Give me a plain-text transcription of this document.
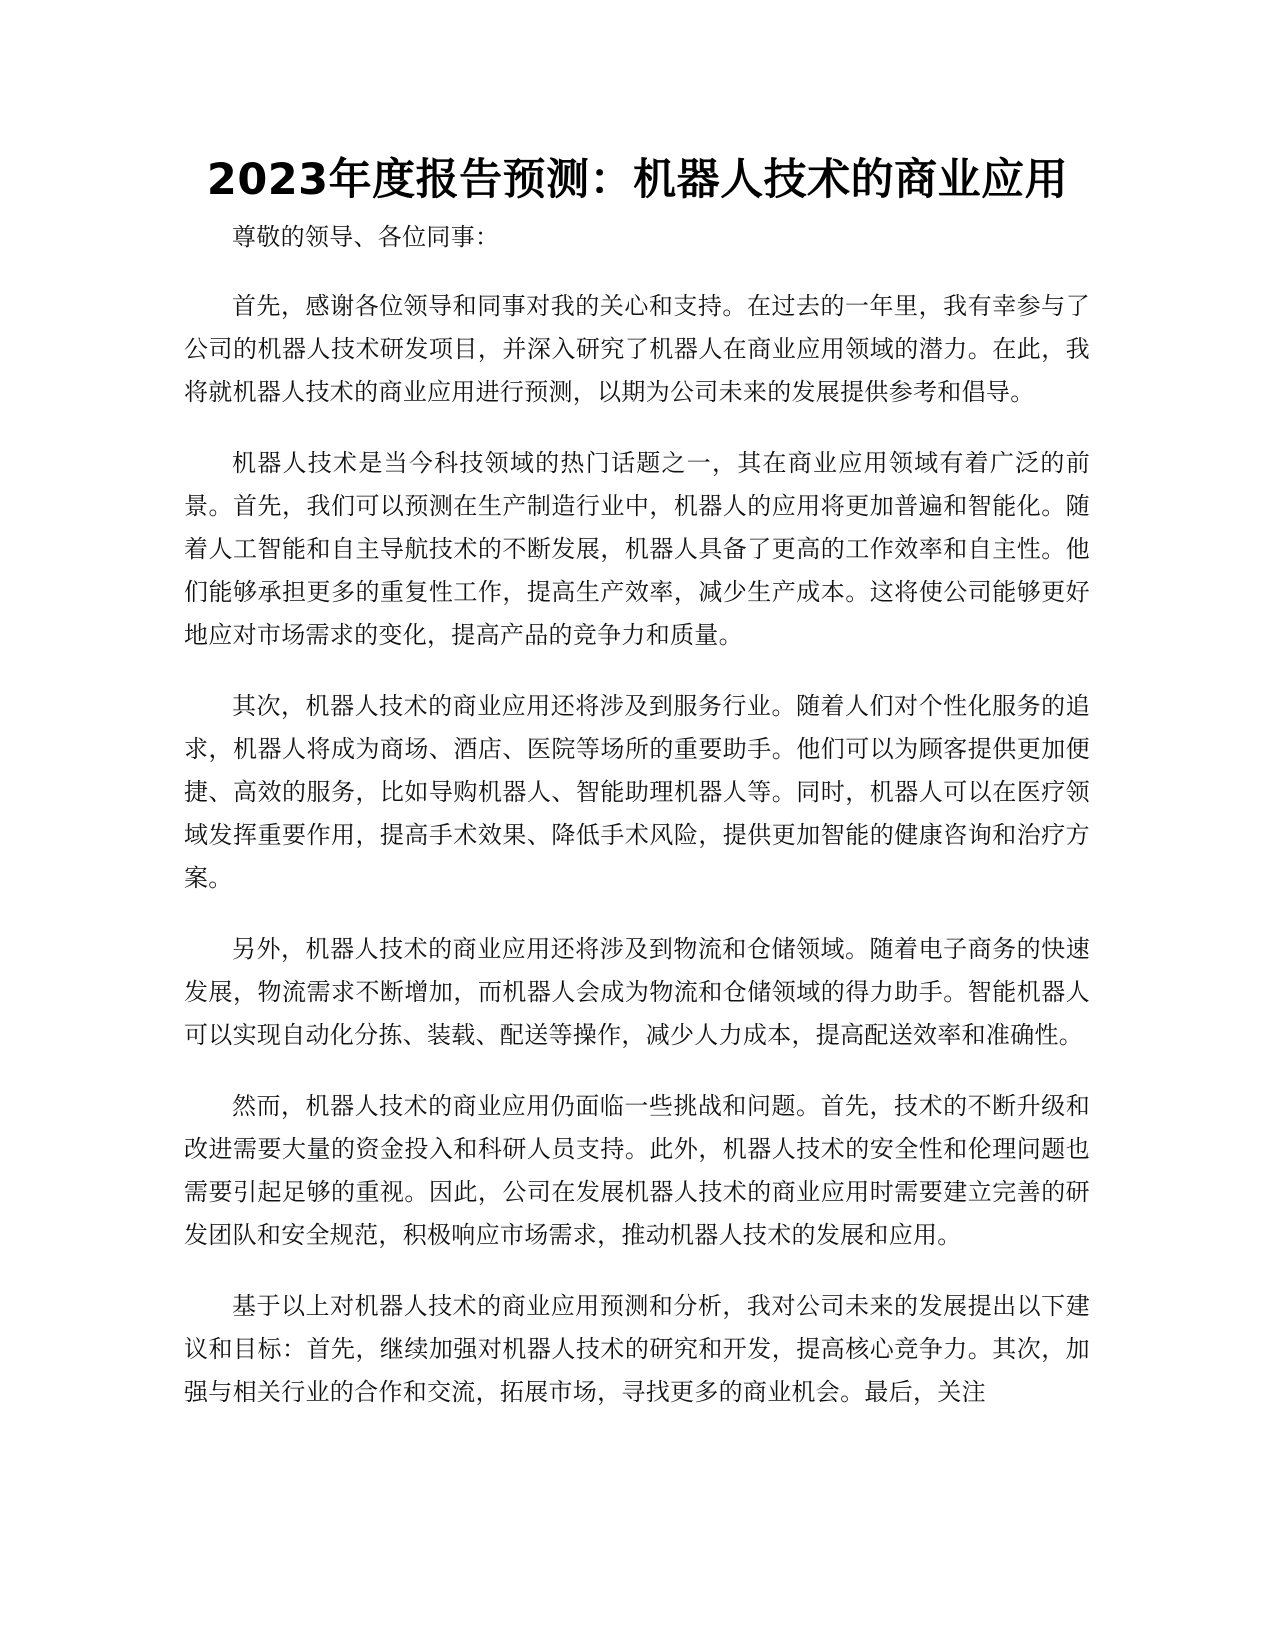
2023年度报告预测：机器人技术的商业应用

尊敬的领导、各位同事：

首先，感谢各位领导和同事对我的关心和支持。在过去的一年里，我有幸参与了公司的机器人技术研发项目，并深入研究了机器人在商业应用领域的潜力。在此，我将就机器人技术的商业应用进行预测，以期为公司未来的发展提供参考和倡导。

机器人技术是当今科技领域的热门话题之一，其在商业应用领域有着广泛的前景。首先，我们可以预测在生产制造行业中，机器人的应用将更加普遍和智能化。随着人工智能和自主导航技术的不断发展，机器人具备了更高的工作效率和自主性。他们能够承担更多的重复性工作，提高生产效率，减少生产成本。这将使公司能够更好地应对市场需求的变化，提高产品的竞争力和质量。

其次，机器人技术的商业应用还将涉及到服务行业。随着人们对个性化服务的追求，机器人将成为商场、酒店、医院等场所的重要助手。他们可以为顾客提供更加便捷、高效的服务，比如导购机器人、智能助理机器人等。同时，机器人可以在医疗领域发挥重要作用，提高手术效果、降低手术风险，提供更加智能的健康咨询和治疗方案。

另外，机器人技术的商业应用还将涉及到物流和仓储领域。随着电子商务的快速发展，物流需求不断增加，而机器人会成为物流和仓储领域的得力助手。智能机器人可以实现自动化分拣、装载、配送等操作，减少人力成本，提高配送效率和准确性。

然而，机器人技术的商业应用仍面临一些挑战和问题。首先，技术的不断升级和改进需要大量的资金投入和科研人员支持。此外，机器人技术的安全性和伦理问题也需要引起足够的重视。因此，公司在发展机器人技术的商业应用时需要建立完善的研发团队和安全规范，积极响应市场需求，推动机器人技术的发展和应用。

基于以上对机器人技术的商业应用预测和分析，我对公司未来的发展提出以下建议和目标：首先，继续加强对机器人技术的研究和开发，提高核心竞争力。其次，加强与相关行业的合作和交流，拓展市场，寻找更多的商业机会。最后，关注
